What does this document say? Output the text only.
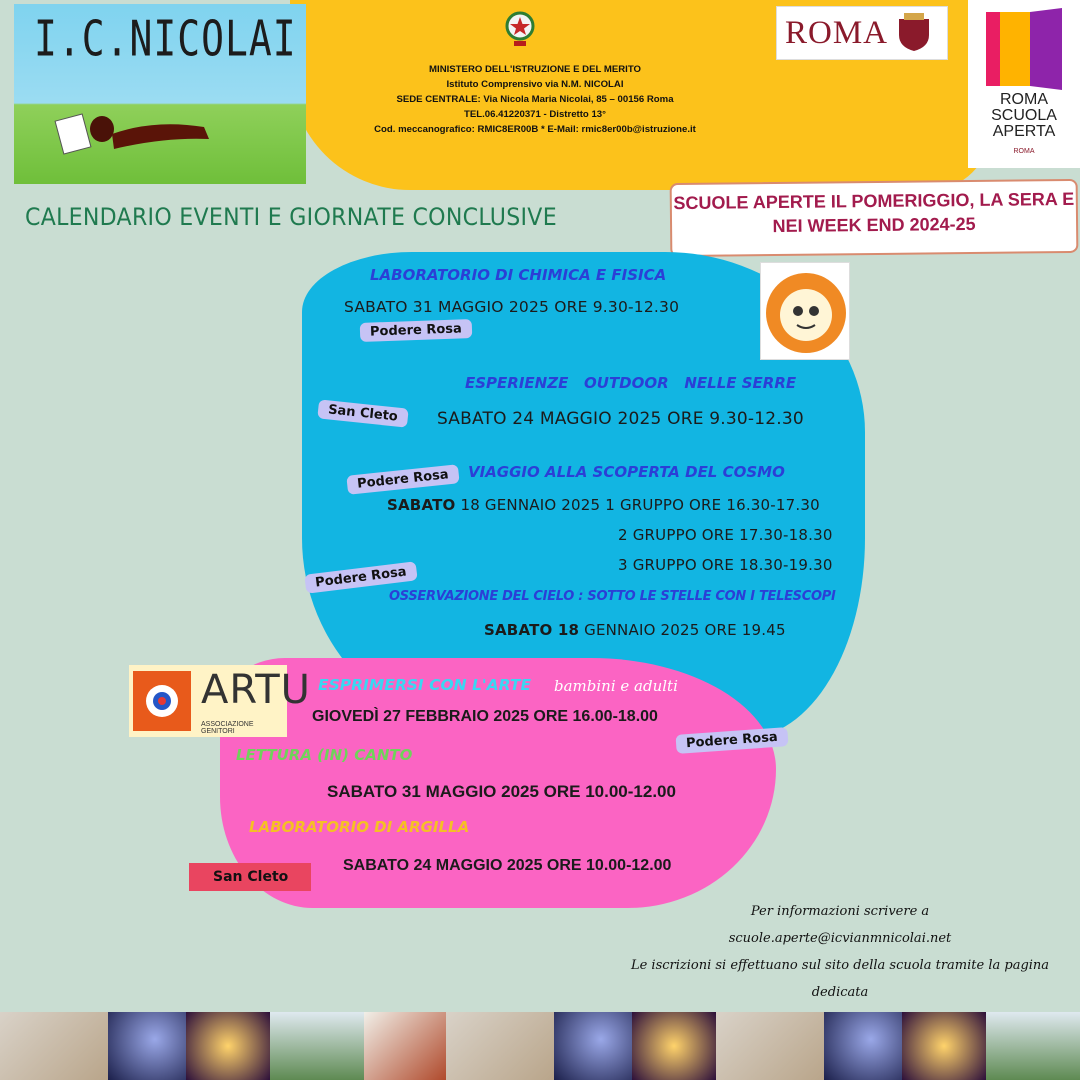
I.C.NICOLAI
MINISTERO DELL'ISTRUZIONE E DEL MERITO
Istituto Comprensivo via N.M. NICOLAI
SEDE CENTRALE: Via Nicola Maria Nicolai, 85 – 00156 Roma
TEL.06.41220371 - Distretto 13°
Cod. meccanografico: RMIC8ER00B * E-Mail: rmic8er00b@istruzione.it
ROMA
ROMA
SCUOLA
APERTA
ROMA
CALENDARIO EVENTI E GIORNATE CONCLUSIVE
SCUOLE APERTE IL POMERIGGIO, LA SERA E NEI WEEK END 2024-25
LABORATORIO DI CHIMICA E FISICA
SABATO 31 MAGGIO 2025 ORE 9.30-12.30
Podere Rosa
ESPERIENZE   OUTDOOR   NELLE SERRE
San Cleto	SABATO 24 MAGGIO 2025 ORE 9.30-12.30
Podere Rosa	VIAGGIO ALLA SCOPERTA DEL COSMO
SABATO 18 GENNAIO 2025 1 GRUPPO ORE 16.30-17.30
2 GRUPPO ORE 17.30-18.30
3 GRUPPO ORE 18.30-19.30
Podere Rosa
OSSERVAZIONE DEL CIELO : SOTTO LE STELLE CON I TELESCOPI
SABATO 18 GENNAIO 2025 ORE 19.45
ARTU
ASSOCIAZIONE GENITORI
ESPRIMERSI CON L'ARTE bambini e adulti
GIOVEDÌ 27 FEBBRAIO 2025 ORE 16.00-18.00
Podere Rosa
LETTURA (IN) CANTO
SABATO 31 MAGGIO 2025 ORE 10.00-12.00
LABORATORIO DI ARGILLA
SABATO 24 MAGGIO 2025 ORE 10.00-12.00
San Cleto
Per informazioni scrivere a
scuole.aperte@icvianmnicolai.net
Le iscrizioni si effettuano sul sito della scuola tramite la pagina
dedicata
